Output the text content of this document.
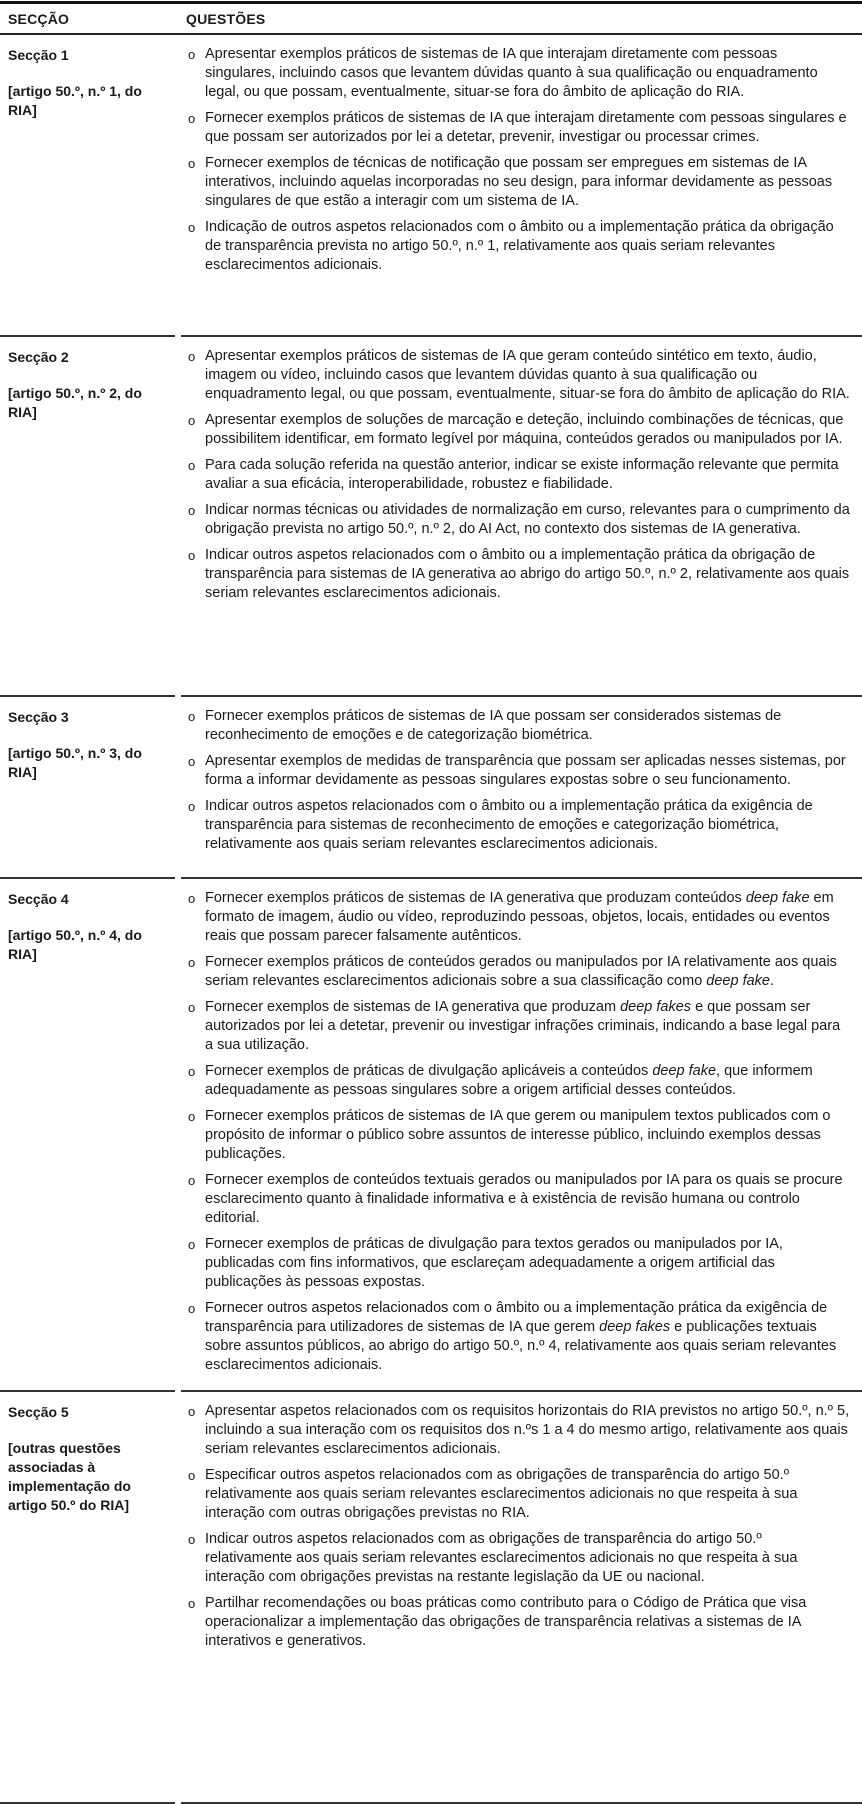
SECÇÃO	QUESTÕES
Secção 1
[artigo 50.º, n.º 1, do RIA]
o Apresentar exemplos práticos de sistemas de IA que interajam diretamente com pessoas singulares, incluindo casos que levantem dúvidas quanto à sua qualificação ou enquadramento legal, ou que possam, eventualmente, situar-se fora do âmbito de aplicação do RIA.
o Fornecer exemplos práticos de sistemas de IA que interajam diretamente com pessoas singulares e que possam ser autorizados por lei a detetar, prevenir, investigar ou processar crimes.
o Fornecer exemplos de técnicas de notificação que possam ser empregues em sistemas de IA interativos, incluindo aquelas incorporadas no seu design, para informar devidamente as pessoas singulares de que estão a interagir com um sistema de IA.
o Indicação de outros aspetos relacionados com o âmbito ou a implementação prática da obrigação de transparência prevista no artigo 50.º, n.º 1, relativamente aos quais seriam relevantes esclarecimentos adicionais.
Secção 2
[artigo 50.º, n.º 2, do RIA]
o Apresentar exemplos práticos de sistemas de IA que geram conteúdo sintético em texto, áudio, imagem ou vídeo, incluindo casos que levantem dúvidas quanto à sua qualificação ou enquadramento legal, ou que possam, eventualmente, situar-se fora do âmbito de aplicação do RIA.
o Apresentar exemplos de soluções de marcação e deteção, incluindo combinações de técnicas, que possibilitem identificar, em formato legível por máquina, conteúdos gerados ou manipulados por IA.
o Para cada solução referida na questão anterior, indicar se existe informação relevante que permita avaliar a sua eficácia, interoperabilidade, robustez e fiabilidade.
o Indicar normas técnicas ou atividades de normalização em curso, relevantes para o cumprimento da obrigação prevista no artigo 50.º, n.º 2, do AI Act, no contexto dos sistemas de IA generativa.
o Indicar outros aspetos relacionados com o âmbito ou a implementação prática da obrigação de transparência para sistemas de IA generativa ao abrigo do artigo 50.º, n.º 2, relativamente aos quais seriam relevantes esclarecimentos adicionais.
Secção 3
[artigo 50.º, n.º 3, do RIA]
o Fornecer exemplos práticos de sistemas de IA que possam ser considerados sistemas de reconhecimento de emoções e de categorização biométrica.
o Apresentar exemplos de medidas de transparência que possam ser aplicadas nesses sistemas, por forma a informar devidamente as pessoas singulares expostas sobre o seu funcionamento.
o Indicar outros aspetos relacionados com o âmbito ou a implementação prática da exigência de transparência para sistemas de reconhecimento de emoções e categorização biométrica, relativamente aos quais seriam relevantes esclarecimentos adicionais.
Secção 4
[artigo 50.º, n.º 4, do RIA]
o Fornecer exemplos práticos de sistemas de IA generativa que produzam conteúdos deep fake em formato de imagem, áudio ou vídeo, reproduzindo pessoas, objetos, locais, entidades ou eventos reais que possam parecer falsamente autênticos.
o Fornecer exemplos práticos de conteúdos gerados ou manipulados por IA relativamente aos quais seriam relevantes esclarecimentos adicionais sobre a sua classificação como deep fake.
o Fornecer exemplos de sistemas de IA generativa que produzam deep fakes e que possam ser autorizados por lei a detetar, prevenir ou investigar infrações criminais, indicando a base legal para a sua utilização.
o Fornecer exemplos de práticas de divulgação aplicáveis a conteúdos deep fake, que informem adequadamente as pessoas singulares sobre a origem artificial desses conteúdos.
o Fornecer exemplos práticos de sistemas de IA que gerem ou manipulem textos publicados com o propósito de informar o público sobre assuntos de interesse público, incluindo exemplos dessas publicações.
o Fornecer exemplos de conteúdos textuais gerados ou manipulados por IA para os quais se procure esclarecimento quanto à finalidade informativa e à existência de revisão humana ou controlo editorial.
o Fornecer exemplos de práticas de divulgação para textos gerados ou manipulados por IA, publicadas com fins informativos, que esclareçam adequadamente a origem artificial das publicações às pessoas expostas.
o Fornecer outros aspetos relacionados com o âmbito ou a implementação prática da exigência de transparência para utilizadores de sistemas de IA que gerem deep fakes e publicações textuais sobre assuntos públicos, ao abrigo do artigo 50.º, n.º 4, relativamente aos quais seriam relevantes esclarecimentos adicionais.
Secção 5
[outras questões associadas à implementação do artigo 50.º do RIA]
o Apresentar aspetos relacionados com os requisitos horizontais do RIA previstos no artigo 50.º, n.º 5, incluindo a sua interação com os requisitos dos n.ºs 1 a 4 do mesmo artigo, relativamente aos quais seriam relevantes esclarecimentos adicionais.
o Especificar outros aspetos relacionados com as obrigações de transparência do artigo 50.º relativamente aos quais seriam relevantes esclarecimentos adicionais no que respeita à sua interação com outras obrigações previstas no RIA.
o Indicar outros aspetos relacionados com as obrigações de transparência do artigo 50.º relativamente aos quais seriam relevantes esclarecimentos adicionais no que respeita à sua interação com obrigações previstas na restante legislação da UE ou nacional.
o Partilhar recomendações ou boas práticas como contributo para o Código de Prática que visa operacionalizar a implementação das obrigações de transparência relativas a sistemas de IA interativos e generativos.
